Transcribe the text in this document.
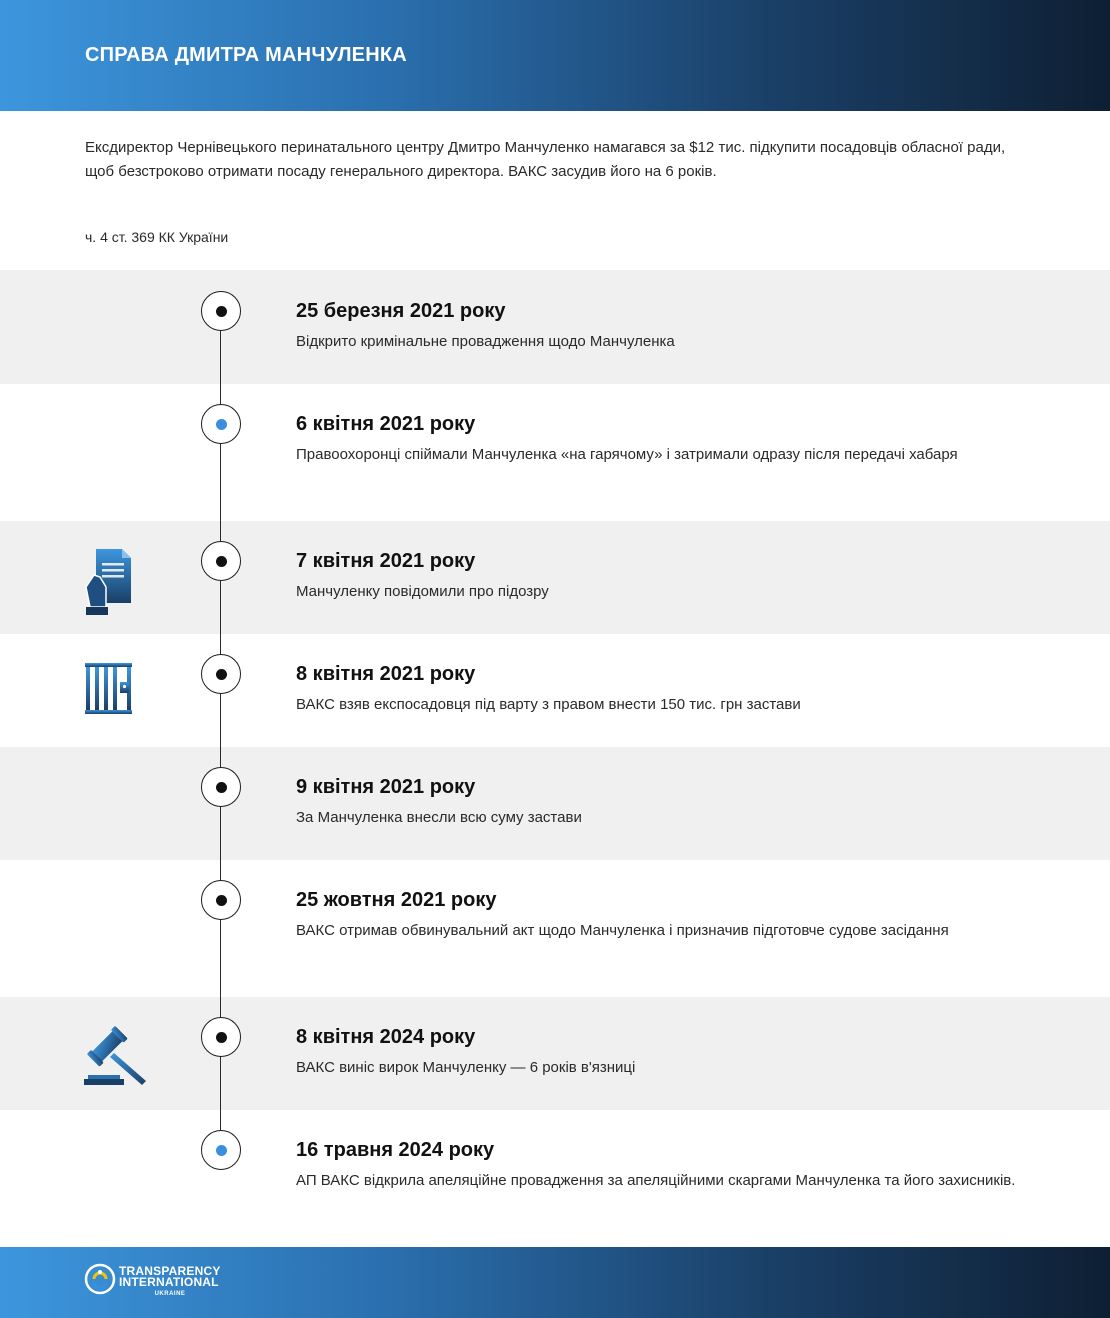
СПРАВА ДМИТРА МАНЧУЛЕНКА
Ексдиректор Чернівецького перинатального центру Дмитро Манчуленко намагався за $12 тис. підкупити посадовців обласної ради, щоб безстроково отримати посаду генерального директора. ВАКС засудив його на 6 років.
ч. 4 ст. 369 КК України
25 березня 2021 року
Відкрито кримінальне провадження щодо Манчуленка
6 квітня 2021 року
Правоохоронці спіймали Манчуленка «на гарячому» і затримали одразу після передачі хабаря
7 квітня 2021 року
Манчуленку повідомили про підозру
8 квітня 2021 року
ВАКС взяв експосадовця під варту з правом внести 150 тис. грн застави
9 квітня 2021 року
За Манчуленка внесли всю суму застави
25 жовтня 2021 року
ВАКС отримав обвинувальний акт щодо Манчуленка і призначив підготовче судове засідання
8 квітня 2024 року
ВАКС виніс вирок Манчуленку — 6 років в'язниці
16 травня 2024 року
АП ВАКС відкрила апеляційне провадження за апеляційними скаргами Манчуленка та його захисників.
TRANSPARENCY
INTERNATIONAL
UKRAINE
